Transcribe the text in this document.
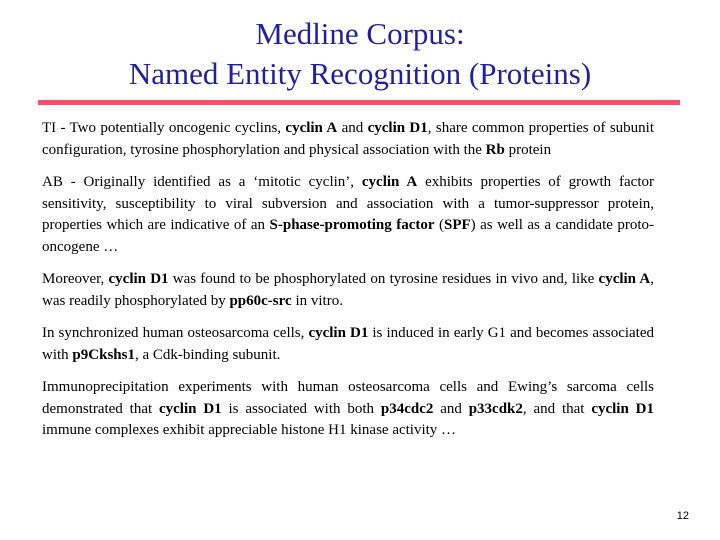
Medline Corpus:
Named Entity Recognition (Proteins)

TI - Two potentially oncogenic cyclins, cyclin A and cyclin D1, share common properties of subunit configuration, tyrosine phosphorylation and physical association with the Rb protein

AB - Originally identified as a ‘mitotic cyclin’, cyclin A exhibits properties of growth factor sensitivity, susceptibility to viral subversion and association with a tumor-suppressor protein, properties which are indicative of an S-phase-promoting factor (SPF) as well as a candidate proto-oncogene …

Moreover, cyclin D1 was found to be phosphorylated on tyrosine residues in vivo and, like cyclin A, was readily phosphorylated by pp60c-src in vitro.

In synchronized human osteosarcoma cells, cyclin D1 is induced in early G1 and becomes associated with p9Ckshs1, a Cdk-binding subunit.

Immunoprecipitation experiments with human osteosarcoma cells and Ewing’s sarcoma cells demonstrated that cyclin D1 is associated with both p34cdc2 and p33cdk2, and that cyclin D1 immune complexes exhibit appreciable histone H1 kinase activity …

12
